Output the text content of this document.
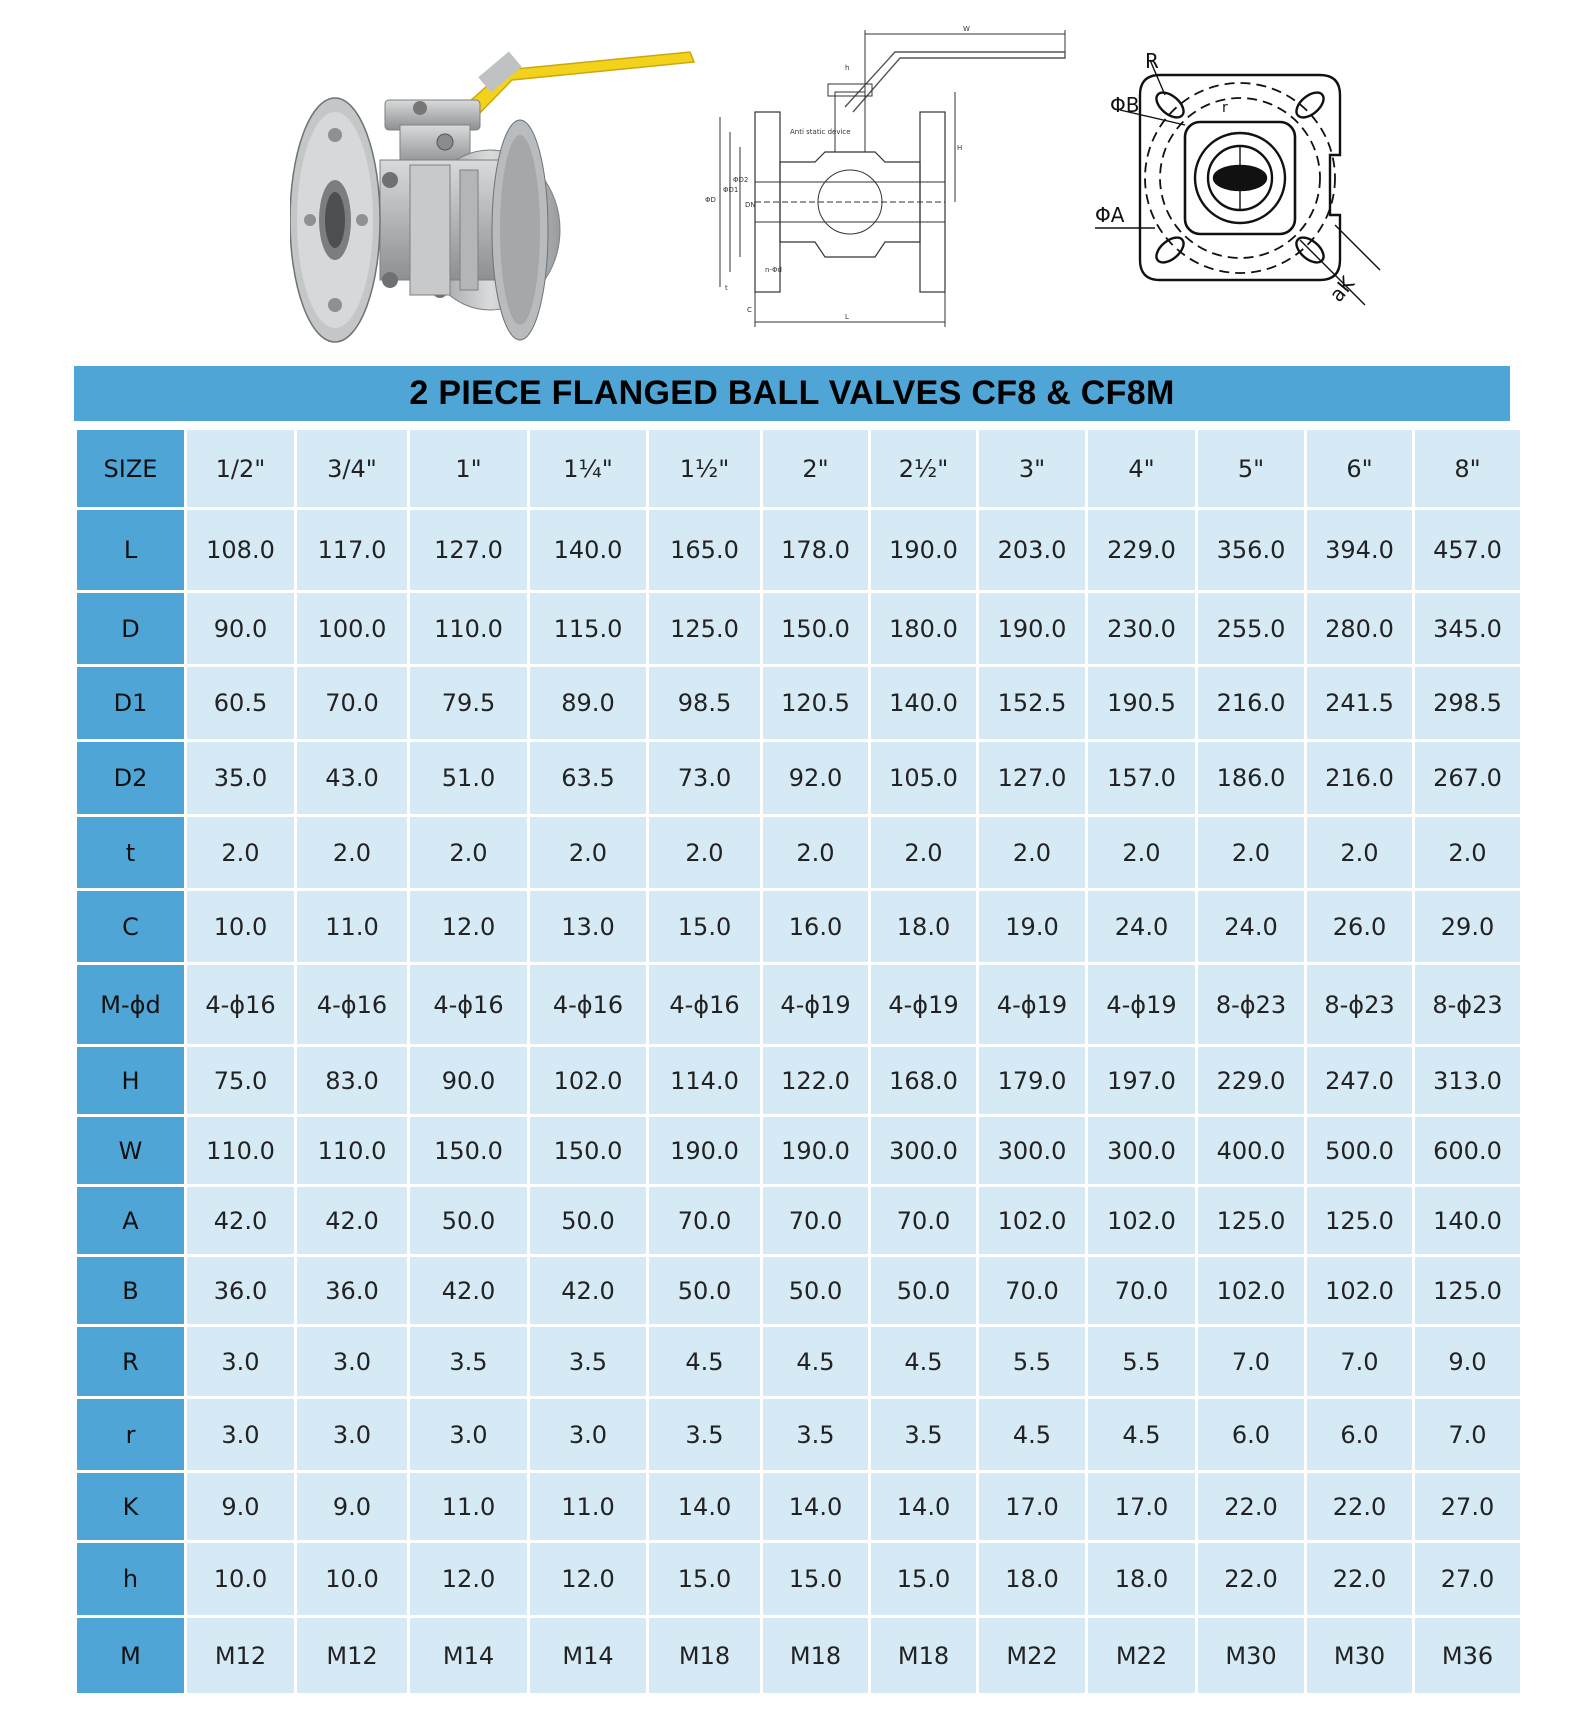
W
H
Anti static device
ΦD
ΦD1
ΦD2
DN
n-Φd
t
C
L
h	R
ΦB
ΦA
aK
r
2 PIECE FLANGED BALL VALVES CF8 & CF8M
SIZE	1/2"	3/4"	1"	1¼"	1½"	2"	2½"	3"	4"	5"	6"	8"
L	108.0	117.0	127.0	140.0	165.0	178.0	190.0	203.0	229.0	356.0	394.0	457.0
D	90.0	100.0	110.0	115.0	125.0	150.0	180.0	190.0	230.0	255.0	280.0	345.0
D1	60.5	70.0	79.5	89.0	98.5	120.5	140.0	152.5	190.5	216.0	241.5	298.5
D2	35.0	43.0	51.0	63.5	73.0	92.0	105.0	127.0	157.0	186.0	216.0	267.0
t	2.0	2.0	2.0	2.0	2.0	2.0	2.0	2.0	2.0	2.0	2.0	2.0
C	10.0	11.0	12.0	13.0	15.0	16.0	18.0	19.0	24.0	24.0	26.0	29.0
M-ϕd	4-ϕ16	4-ϕ16	4-ϕ16	4-ϕ16	4-ϕ16	4-ϕ19	4-ϕ19	4-ϕ19	4-ϕ19	8-ϕ23	8-ϕ23	8-ϕ23
H	75.0	83.0	90.0	102.0	114.0	122.0	168.0	179.0	197.0	229.0	247.0	313.0
W	110.0	110.0	150.0	150.0	190.0	190.0	300.0	300.0	300.0	400.0	500.0	600.0
A	42.0	42.0	50.0	50.0	70.0	70.0	70.0	102.0	102.0	125.0	125.0	140.0
B	36.0	36.0	42.0	42.0	50.0	50.0	50.0	70.0	70.0	102.0	102.0	125.0
R	3.0	3.0	3.5	3.5	4.5	4.5	4.5	5.5	5.5	7.0	7.0	9.0
r	3.0	3.0	3.0	3.0	3.5	3.5	3.5	4.5	4.5	6.0	6.0	7.0
K	9.0	9.0	11.0	11.0	14.0	14.0	14.0	17.0	17.0	22.0	22.0	27.0
h	10.0	10.0	12.0	12.0	15.0	15.0	15.0	18.0	18.0	22.0	22.0	27.0
M	M12	M12	M14	M14	M18	M18	M18	M22	M22	M30	M30	M36
